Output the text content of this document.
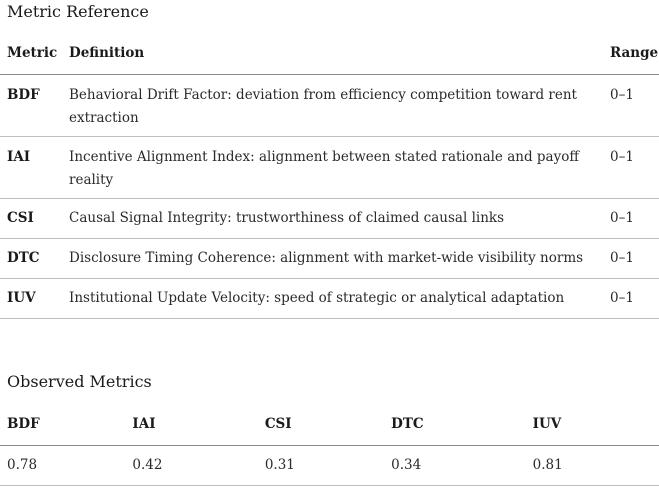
Metric Reference
Metric	Definition	Range
BDF	Behavioral Drift Factor: deviation from efficiency competition toward rent extraction	0–1
IAI	Incentive Alignment Index: alignment between stated rationale and payoff reality	0–1
CSI	Causal Signal Integrity: trustworthiness of claimed causal links	0–1
DTC	Disclosure Timing Coherence: alignment with market-wide visibility norms	0–1
IUV	Institutional Update Velocity: speed of strategic or analytical adaptation	0–1
Observed Metrics
BDF	IAI	CSI	DTC	IUV
0.78	0.42	0.31	0.34	0.81
